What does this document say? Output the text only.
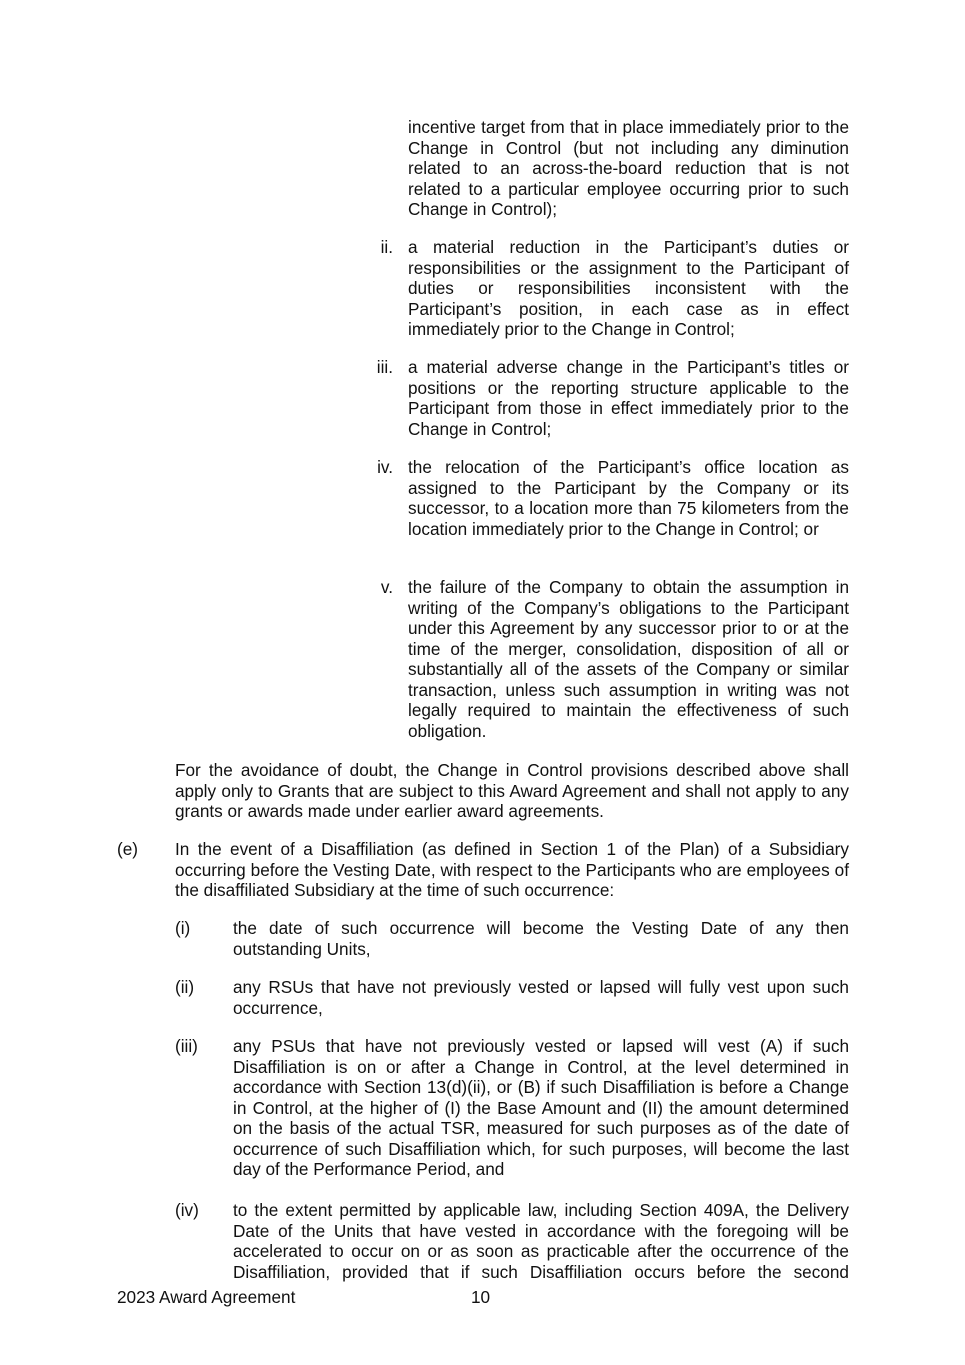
incentive target from that in place immediately prior to the Change in Control (but not including any diminution related to an across-the-board reduction that is not related to a particular employee occurring prior to such Change in Control);

ii. a material reduction in the Participant’s duties or responsibilities or the assignment to the Participant of duties or responsibilities inconsistent with the Participant’s position, in each case as in effect immediately prior to the Change in Control;

iii. a material adverse change in the Participant’s titles or positions or the reporting structure applicable to the Participant from those in effect immediately prior to the Change in Control;

iv. the relocation of the Participant’s office location as assigned to the Participant by the Company or its successor, to a location more than 75 kilometers from the location immediately prior to the Change in Control; or

v. the failure of the Company to obtain the assumption in writing of the Company’s obligations to the Participant under this Agreement by any successor prior to or at the time of the merger, consolidation, disposition of all or substantially all of the assets of the Company or similar transaction, unless such assumption in writing was not legally required to maintain the effectiveness of such obligation.

For the avoidance of doubt, the Change in Control provisions described above shall apply only to Grants that are subject to this Award Agreement and shall not apply to any grants or awards made under earlier award agreements.

(e) In the event of a Disaffiliation (as defined in Section 1 of the Plan) of a Subsidiary occurring before the Vesting Date, with respect to the Participants who are employees of the disaffiliated Subsidiary at the time of such occurrence:

(i) the date of such occurrence will become the Vesting Date of any then outstanding Units,

(ii) any RSUs that have not previously vested or lapsed will fully vest upon such occurrence,

(iii) any PSUs that have not previously vested or lapsed will vest (A) if such Disaffiliation is on or after a Change in Control, at the level determined in accordance with Section 13(d)(ii), or (B) if such Disaffiliation is before a Change in Control, at the higher of (I) the Base Amount and (II) the amount determined on the basis of the actual TSR, measured for such purposes as of the date of occurrence of such Disaffiliation which, for such purposes, will become the last day of the Performance Period, and

(iv) to the extent permitted by applicable law, including Section 409A, the Delivery Date of the Units that have vested in accordance with the foregoing will be accelerated to occur on or as soon as practicable after the occurrence of the Disaffiliation, provided that if such Disaffiliation occurs before the second

2023 Award Agreement	10
